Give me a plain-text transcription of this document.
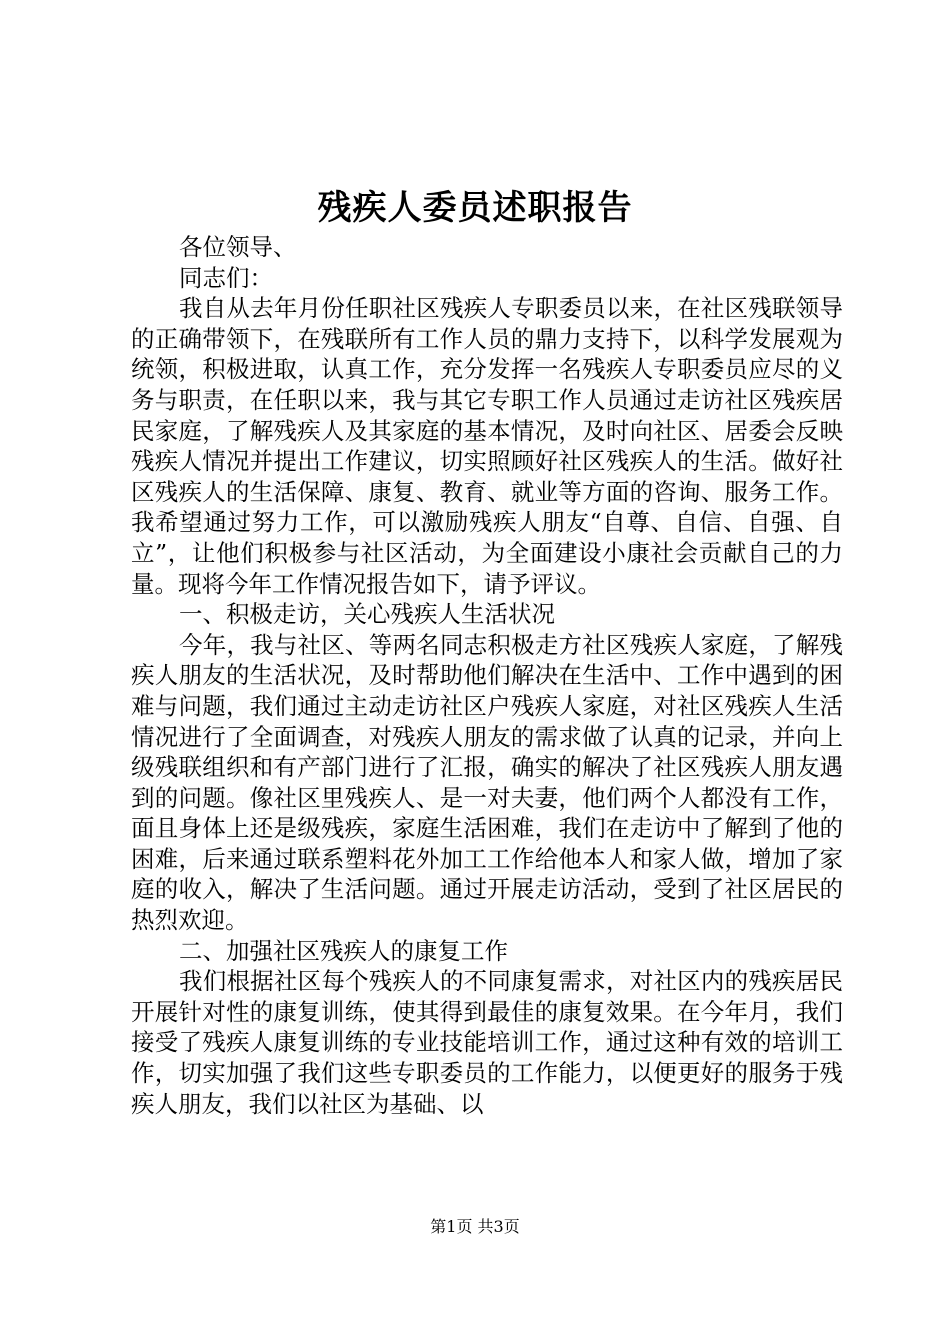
残疾人委员述职报告

各位领导、

同志们：

我自从去年月份任职社区残疾人专职委员以来，在社区残联领导的正确带领下，在残联所有工作人员的鼎力支持下，以科学发展观为统领，积极进取，认真工作，充分发挥一名残疾人专职委员应尽的义务与职责，在任职以来，我与其它专职工作人员通过走访社区残疾居民家庭，了解残疾人及其家庭的基本情况，及时向社区、居委会反映残疾人情况并提出工作建议，切实照顾好社区残疾人的生活。做好社区残疾人的生活保障、康复、教育、就业等方面的咨询、服务工作。我希望通过努力工作，可以激励残疾人朋友“自尊、自信、自强、自立”，让他们积极参与社区活动，为全面建设小康社会贡献自己的力量。现将今年工作情况报告如下，请予评议。

一、积极走访，关心残疾人生活状况

今年，我与社区、等两名同志积极走方社区残疾人家庭，了解残疾人朋友的生活状况，及时帮助他们解决在生活中、工作中遇到的困难与问题，我们通过主动走访社区户残疾人家庭，对社区残疾人生活情况进行了全面调查，对残疾人朋友的需求做了认真的记录，并向上级残联组织和有产部门进行了汇报，确实的解决了社区残疾人朋友遇到的问题。像社区里残疾人、是一对夫妻，他们两个人都没有工作，面且身体上还是级残疾，家庭生活困难，我们在走访中了解到了他的困难，后来通过联系塑料花外加工工作给他本人和家人做，增加了家庭的收入，解决了生活问题。通过开展走访活动，受到了社区居民的热烈欢迎。

二、加强社区残疾人的康复工作

我们根据社区每个残疾人的不同康复需求，对社区内的残疾居民开展针对性的康复训练，使其得到最佳的康复效果。在今年月，我们接受了残疾人康复训练的专业技能培训工作，通过这种有效的培训工作，切实加强了我们这些专职委员的工作能力，以便更好的服务于残疾人朋友，我们以社区为基础、以

第1页 共3页
